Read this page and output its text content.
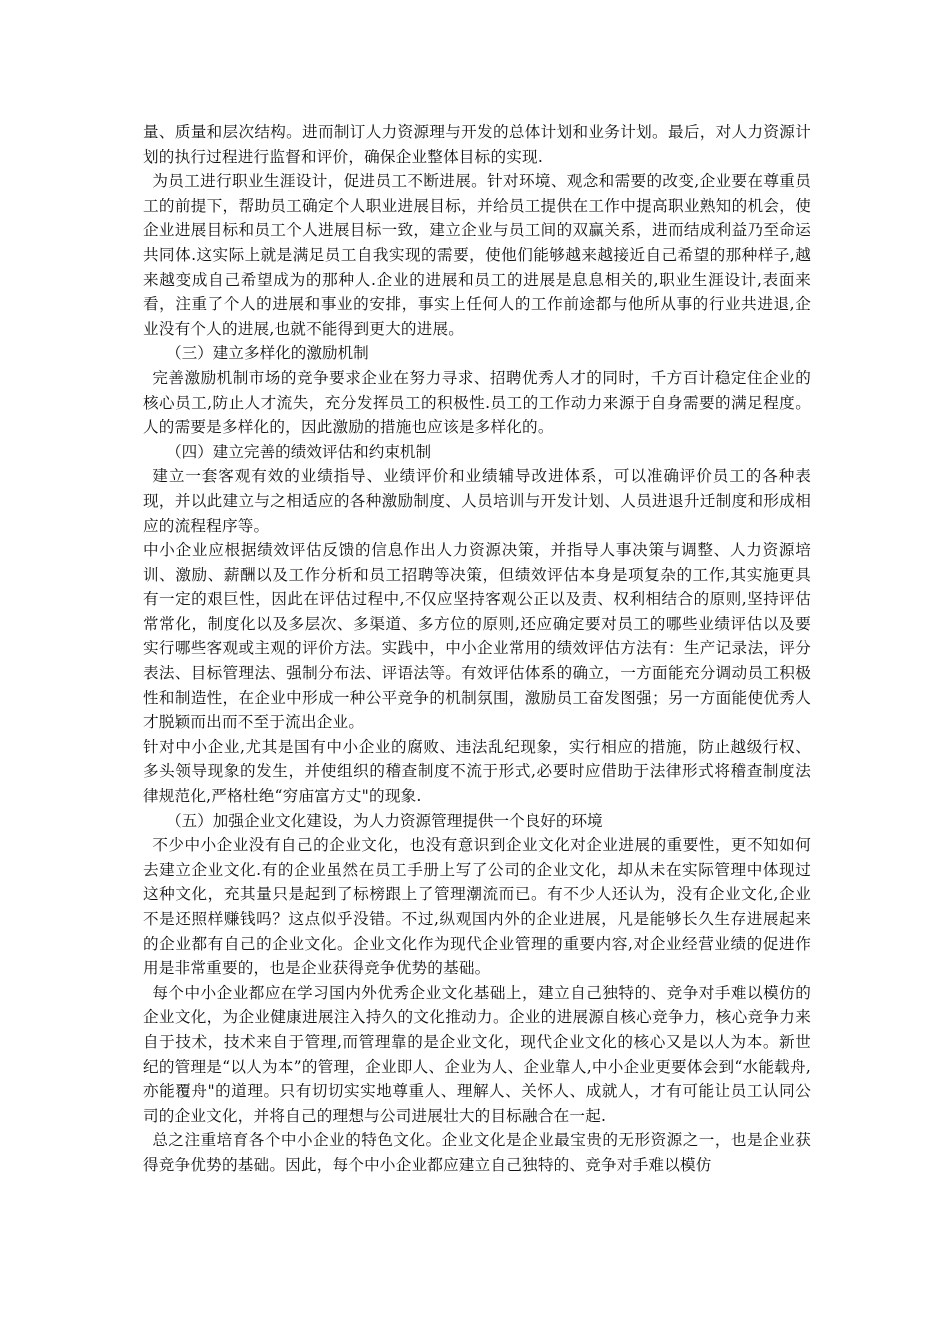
量、质量和层次结构。进而制订人力资源理与开发的总体计划和业务计划。最后，对人力资源计划的执行过程进行监督和评价，确保企业整体目标的实现.

为员工进行职业生涯设计，促进员工不断进展。针对环境、观念和需要的改变,企业要在尊重员工的前提下，帮助员工确定个人职业进展目标，并给员工提供在工作中提高职业熟知的机会，使企业进展目标和员工个人进展目标一致，建立企业与员工间的双赢关系，进而结成利益乃至命运共同体.这实际上就是满足员工自我实现的需要，使他们能够越来越接近自己希望的那种样子,越来越变成自己希望成为的那种人.企业的进展和员工的进展是息息相关的,职业生涯设计,表面来看，注重了个人的进展和事业的安排，事实上任何人的工作前途都与他所从事的行业共进退,企业没有个人的进展,也就不能得到更大的进展。

（三）建立多样化的激励机制

完善激励机制市场的竞争要求企业在努力寻求、招聘优秀人才的同时，千方百计稳定住企业的核心员工,防止人才流失，充分发挥员工的积极性.员工的工作动力来源于自身需要的满足程度。人的需要是多样化的，因此激励的措施也应该是多样化的。

（四）建立完善的绩效评估和约束机制

建立一套客观有效的业绩指导、业绩评价和业绩辅导改进体系，可以准确评价员工的各种表现，并以此建立与之相适应的各种激励制度、人员培训与开发计划、人员进退升迁制度和形成相应的流程程序等。

中小企业应根据绩效评估反馈的信息作出人力资源决策，并指导人事决策与调整、人力资源培训、激励、薪酬以及工作分析和员工招聘等决策，但绩效评估本身是项复杂的工作,其实施更具有一定的艰巨性，因此在评估过程中,不仅应坚持客观公正以及责、权利相结合的原则,坚持评估常常化，制度化以及多层次、多渠道、多方位的原则,还应确定要对员工的哪些业绩评估以及要实行哪些客观或主观的评价方法。实践中，中小企业常用的绩效评估方法有：生产记录法，评分表法、目标管理法、强制分布法、评语法等。有效评估体系的确立，一方面能充分调动员工积极性和制造性，在企业中形成一种公平竞争的机制氛围，激励员工奋发图强；另一方面能使优秀人才脱颖而出而不至于流出企业。

针对中小企业,尤其是国有中小企业的腐败、违法乱纪现象，实行相应的措施，防止越级行权、多头领导现象的发生，并使组织的稽查制度不流于形式,必要时应借助于法律形式将稽查制度法律规范化,严格杜绝“穷庙富方丈"的现象.

（五）加强企业文化建设，为人力资源管理提供一个良好的环境

不少中小企业没有自己的企业文化，也没有意识到企业文化对企业进展的重要性，更不知如何去建立企业文化.有的企业虽然在员工手册上写了公司的企业文化，却从未在实际管理中体现过这种文化，充其量只是起到了标榜跟上了管理潮流而已。有不少人还认为，没有企业文化,企业不是还照样赚钱吗？这点似乎没错。不过,纵观国内外的企业进展，凡是能够长久生存进展起来的企业都有自己的企业文化。企业文化作为现代企业管理的重要内容,对企业经营业绩的促进作用是非常重要的，也是企业获得竞争优势的基础。

每个中小企业都应在学习国内外优秀企业文化基础上，建立自己独特的、竞争对手难以模仿的企业文化，为企业健康进展注入持久的文化推动力。企业的进展源自核心竞争力，核心竞争力来自于技术，技术来自于管理,而管理靠的是企业文化，现代企业文化的核心又是以人为本。新世纪的管理是“以人为本”的管理，企业即人、企业为人、企业靠人,中小企业更要体会到“水能载舟,亦能覆舟"的道理。只有切切实实地尊重人、理解人、关怀人、成就人，才有可能让员工认同公司的企业文化，并将自己的理想与公司进展壮大的目标融合在一起.

总之注重培育各个中小企业的特色文化。企业文化是企业最宝贵的无形资源之一，也是企业获得竞争优势的基础。因此，每个中小企业都应建立自己独特的、竞争对手难以模仿
